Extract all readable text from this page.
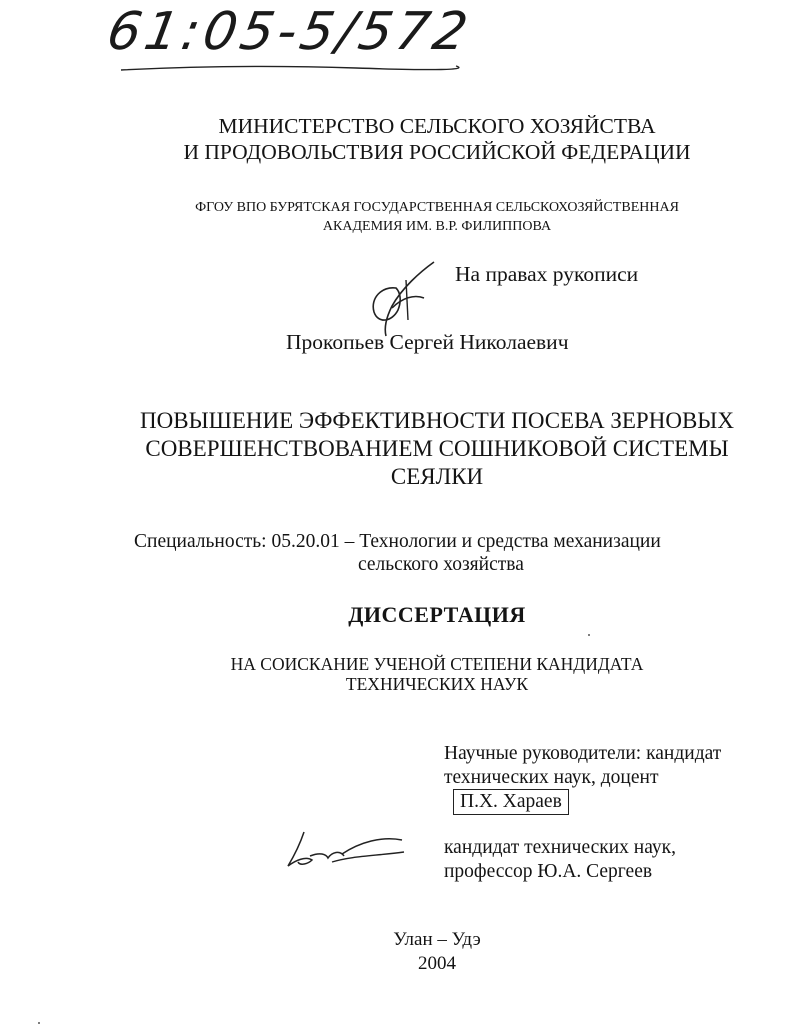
61:05-5/572
МИНИСТЕРСТВО СЕЛЬСКОГО ХОЗЯЙСТВА
И ПРОДОВОЛЬСТВИЯ РОССИЙСКОЙ ФЕДЕРАЦИИ
ФГОУ ВПО БУРЯТСКАЯ ГОСУДАРСТВЕННАЯ СЕЛЬСКОХОЗЯЙСТВЕННАЯ
АКАДЕМИЯ ИМ. В.Р. ФИЛИППОВА
На правах рукописи
Прокопьев Сергей Николаевич
ПОВЫШЕНИЕ ЭФФЕКТИВНОСТИ ПОСЕВА ЗЕРНОВЫХ
СОВЕРШЕНСТВОВАНИЕМ СОШНИКОВОЙ СИСТЕМЫ
СЕЯЛКИ
Специальность: 05.20.01 – Технологии и средства механизации
сельского хозяйства
ДИССЕРТАЦИЯ
НА СОИСКАНИЕ УЧЕНОЙ СТЕПЕНИ КАНДИДАТА
ТЕХНИЧЕСКИХ НАУК
Научные руководители: кандидат
технических наук, доцент
П.Х. Хараев
кандидат технических наук,
профессор Ю.А. Сергеев
Улан – Удэ
2004
